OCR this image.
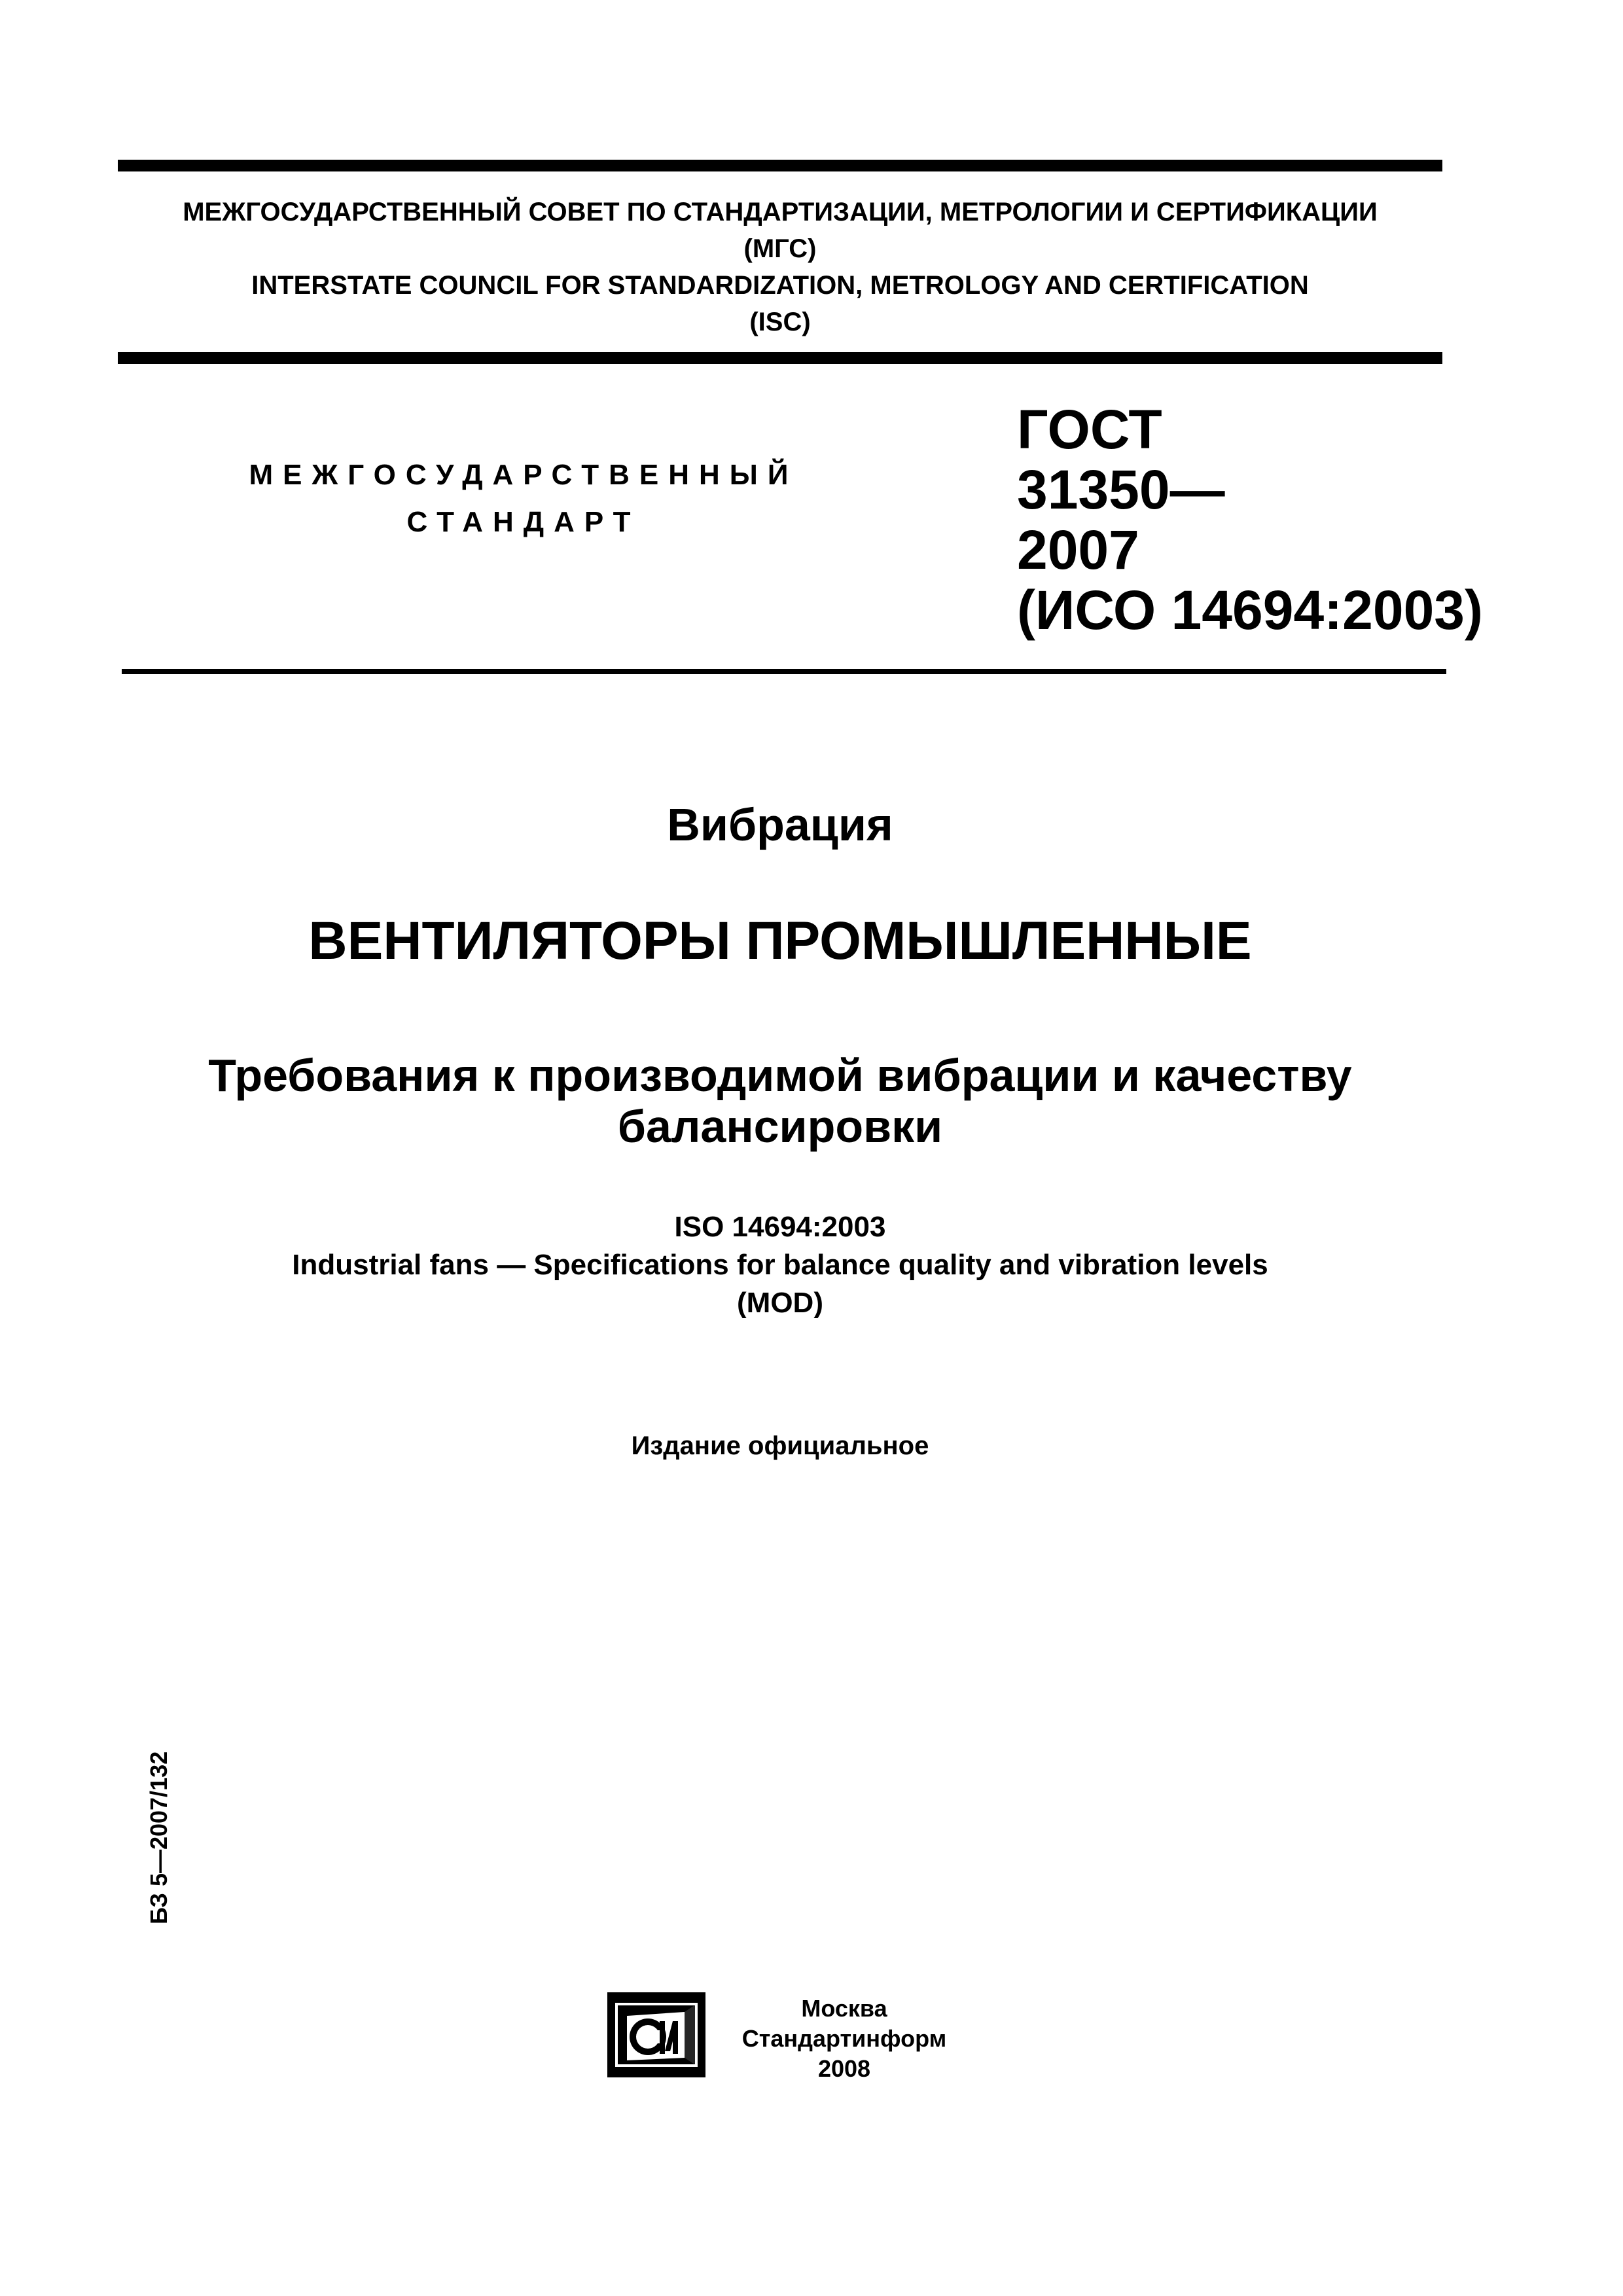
МЕЖГОСУДАРСТВЕННЫЙ СОВЕТ ПО СТАНДАРТИЗАЦИИ, МЕТРОЛОГИИ И СЕРТИФИКАЦИИ
(МГС)
INTERSTATE COUNCIL FOR STANDARDIZATION, METROLOGY AND CERTIFICATION
(ISC)
МЕЖГОСУДАРСТВЕННЫЙ
СТАНДАРТ
ГОСТ
31350—
2007
(ИСО 14694:2003)
Вибрация
ВЕНТИЛЯТОРЫ ПРОМЫШЛЕННЫЕ
Требования к производимой вибрации и качеству балансировки
ISO 14694:2003
Industrial fans — Specifications for balance quality and vibration levels
(MOD)
Издание официальное
БЗ 5—2007/132
Москва
Стандартинформ
2008
